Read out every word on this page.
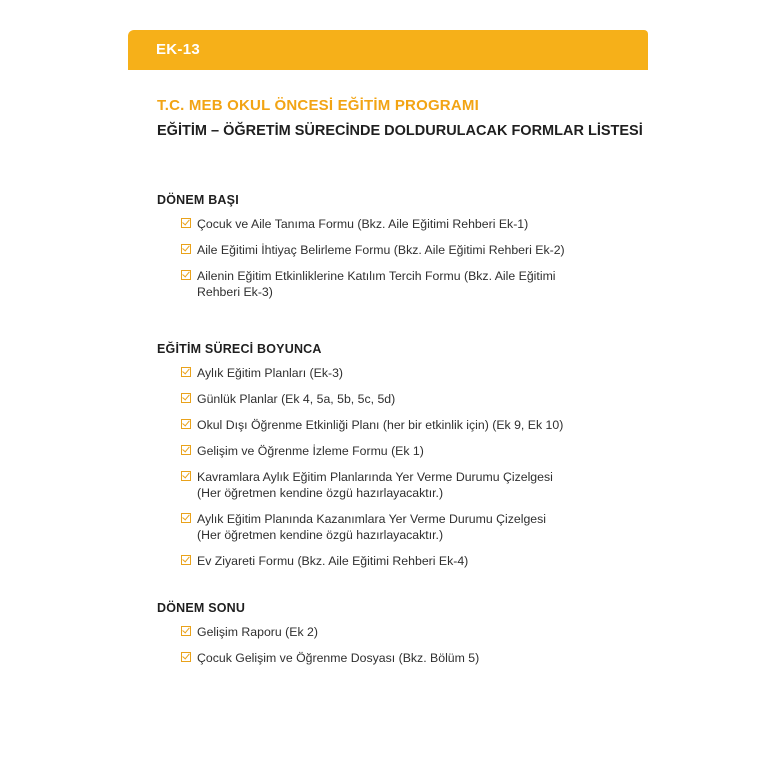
EK-13
T.C. MEB OKUL ÖNCESİ EĞİTİM PROGRAMI
EĞİTİM – ÖĞRETİM SÜRECİNDE DOLDURULACAK FORMLAR LİSTESİ
DÖNEM BAŞI
Çocuk ve Aile Tanıma Formu (Bkz. Aile Eğitimi Rehberi Ek-1)
Aile Eğitimi İhtiyaç Belirleme Formu (Bkz. Aile Eğitimi Rehberi Ek-2)
Ailenin Eğitim Etkinliklerine Katılım Tercih Formu (Bkz. Aile Eğitimi
Rehberi Ek-3)
EĞİTİM SÜRECİ BOYUNCA
Aylık Eğitim Planları (Ek-3)
Günlük Planlar (Ek 4, 5a, 5b, 5c, 5d)
Okul Dışı Öğrenme Etkinliği Planı (her bir etkinlik için) (Ek 9, Ek 10)
Gelişim ve Öğrenme İzleme Formu (Ek 1)
Kavramlara Aylık Eğitim Planlarında Yer Verme Durumu Çizelgesi
(Her öğretmen kendine özgü hazırlayacaktır.)
Aylık Eğitim Planında Kazanımlara Yer Verme Durumu Çizelgesi
(Her öğretmen kendine özgü hazırlayacaktır.)
Ev Ziyareti Formu (Bkz. Aile Eğitimi Rehberi Ek-4)
DÖNEM SONU
Gelişim Raporu (Ek 2)
Çocuk Gelişim ve Öğrenme Dosyası (Bkz. Bölüm 5)
